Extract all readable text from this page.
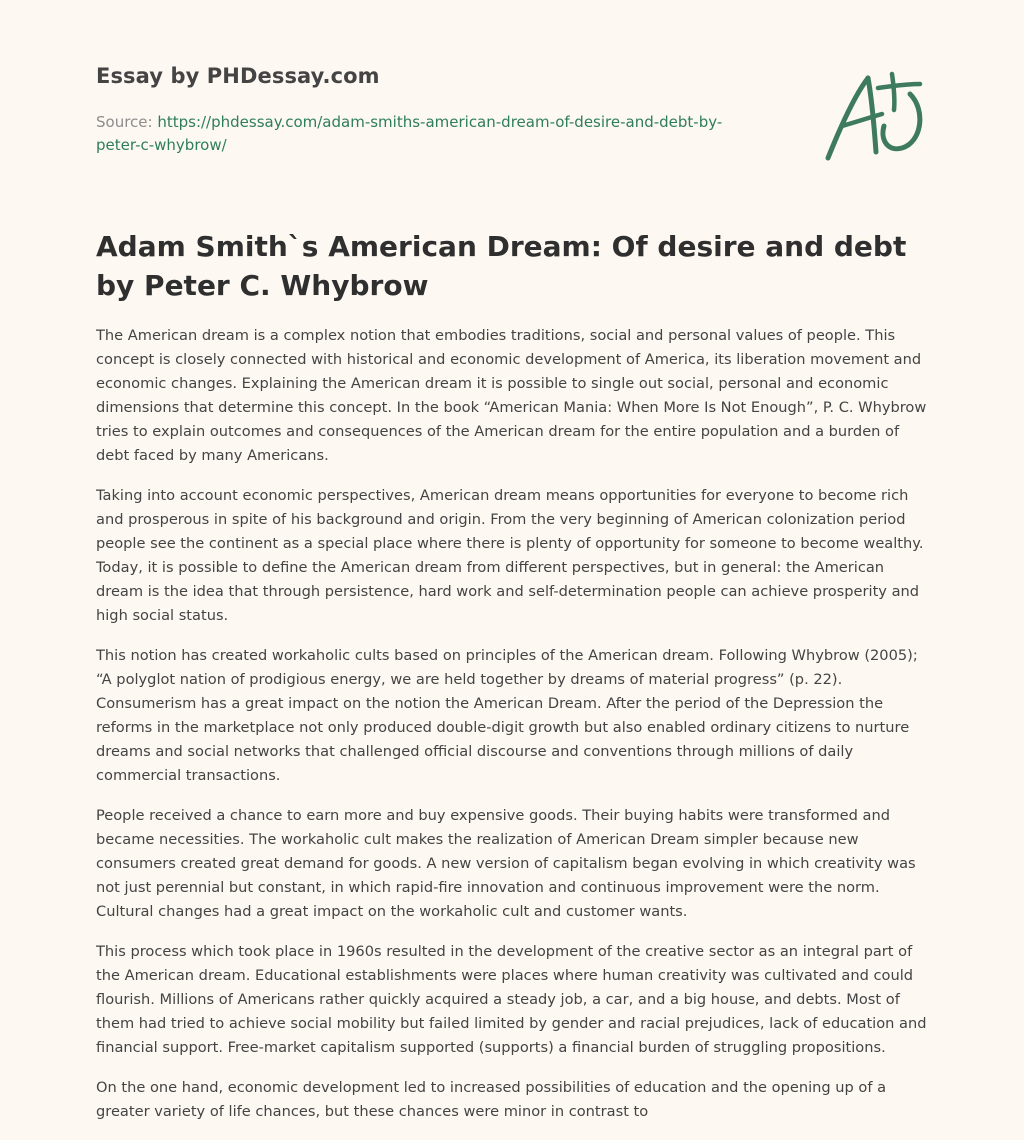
Essay by PHDessay.com
Source: https://phdessay.com/adam-smiths-american-dream-of-desire-and-debt-by-peter-c-whybrow/
Adam Smith`s American Dream: Of desire and debt by Peter C. Whybrow

The American dream is a complex notion that embodies traditions, social and personal values of people. This concept is closely connected with historical and economic development of America, its liberation movement and economic changes. Explaining the American dream it is possible to single out social, personal and economic dimensions that determine this concept. In the book “American Mania: When More Is Not Enough”, P. C. Whybrow tries to explain outcomes and consequences of the American dream for the entire population and a burden of debt faced by many Americans.

Taking into account economic perspectives, American dream means opportunities for everyone to become rich and prosperous in spite of his background and origin. From the very beginning of American colonization period people see the continent as a special place where there is plenty of opportunity for someone to become wealthy. Today, it is possible to define the American dream from different perspectives, but in general: the American dream is the idea that through persistence, hard work and self-determination people can achieve prosperity and high social status.

This notion has created workaholic cults based on principles of the American dream. Following Whybrow (2005); “A polyglot nation of prodigious energy, we are held together by dreams of material progress” (p. 22). Consumerism has a great impact on the notion the American Dream. After the period of the Depression the reforms in the marketplace not only produced double-digit growth but also enabled ordinary citizens to nurture dreams and social networks that challenged official discourse and conventions through millions of daily commercial transactions.

People received a chance to earn more and buy expensive goods. Their buying habits were transformed and became necessities. The workaholic cult makes the realization of American Dream simpler because new consumers created great demand for goods. A new version of capitalism began evolving in which creativity was not just perennial but constant, in which rapid-fire innovation and continuous improvement were the norm. Cultural changes had a great impact on the workaholic cult and customer wants.

This process which took place in 1960s resulted in the development of the creative sector as an integral part of the American dream. Educational establishments were places where human creativity was cultivated and could flourish. Millions of Americans rather quickly acquired a steady job, a car, and a big house, and debts. Most of them had tried to achieve social mobility but failed limited by gender and racial prejudices, lack of education and financial support. Free-market capitalism supported (supports) a financial burden of struggling propositions.

On the one hand, economic development led to increased possibilities of education and the opening up of a greater variety of life chances, but these chances were minor in contrast to
